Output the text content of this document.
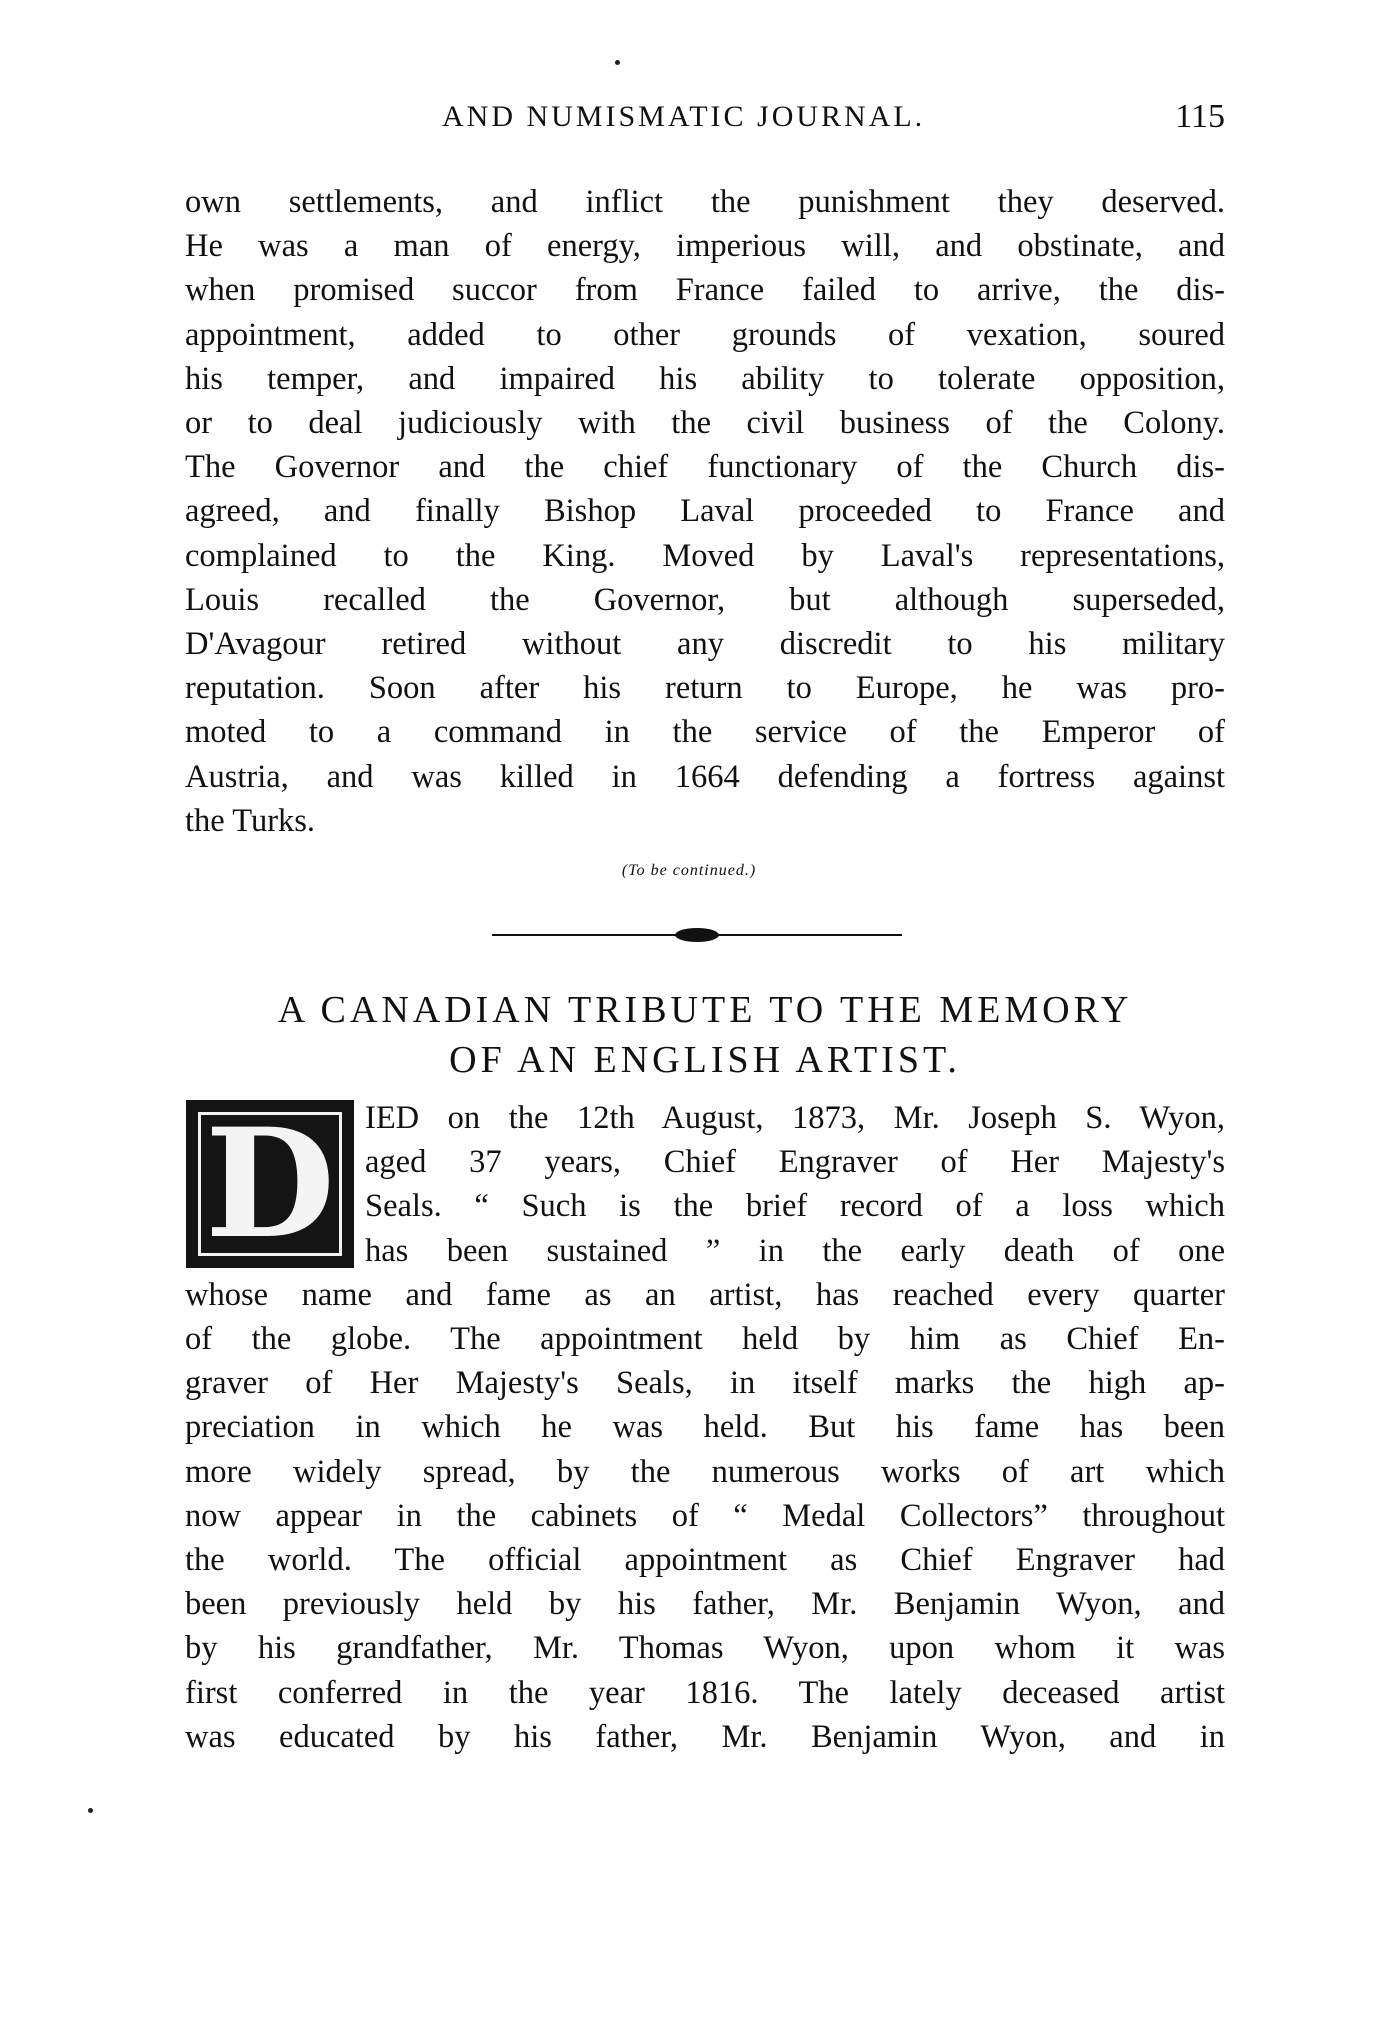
AND NUMISMATIC JOURNAL.	115
own settlements, and inflict the punishment they deserved.
He was a man of energy, imperious will, and obstinate, and
when promised succor from France failed to arrive, the dis-
appointment, added to other grounds of vexation, soured
his temper, and impaired his ability to tolerate opposition,
or to deal judiciously with the civil business of the Colony.
The Governor and the chief functionary of the Church dis-
agreed, and finally Bishop Laval proceeded to France and
complained to the King. Moved by Laval's representations,
Louis recalled the Governor, but although superseded,
D'Avagour retired without any discredit to his military
reputation. Soon after his return to Europe, he was pro-
moted to a command in the service of the Emperor of
Austria, and was killed in 1664 defending a fortress against
the Turks.
(To be continued.)
A CANADIAN TRIBUTE TO THE MEMORY
OF AN ENGLISH ARTIST.
D IED on the 12th August, 1873, Mr. Joseph S. Wyon,
aged 37 years, Chief Engraver of Her Majesty's
Seals. “ Such is the brief record of a loss which
has been sustained ” in the early death of one
whose name and fame as an artist, has reached every quarter
of the globe. The appointment held by him as Chief En-
graver of Her Majesty's Seals, in itself marks the high ap-
preciation in which he was held. But his fame has been
more widely spread, by the numerous works of art which
now appear in the cabinets of “ Medal Collectors” throughout
the world. The official appointment as Chief Engraver had
been previously held by his father, Mr. Benjamin Wyon, and
by his grandfather, Mr. Thomas Wyon, upon whom it was
first conferred in the year 1816. The lately deceased artist
was educated by his father, Mr. Benjamin Wyon, and in
